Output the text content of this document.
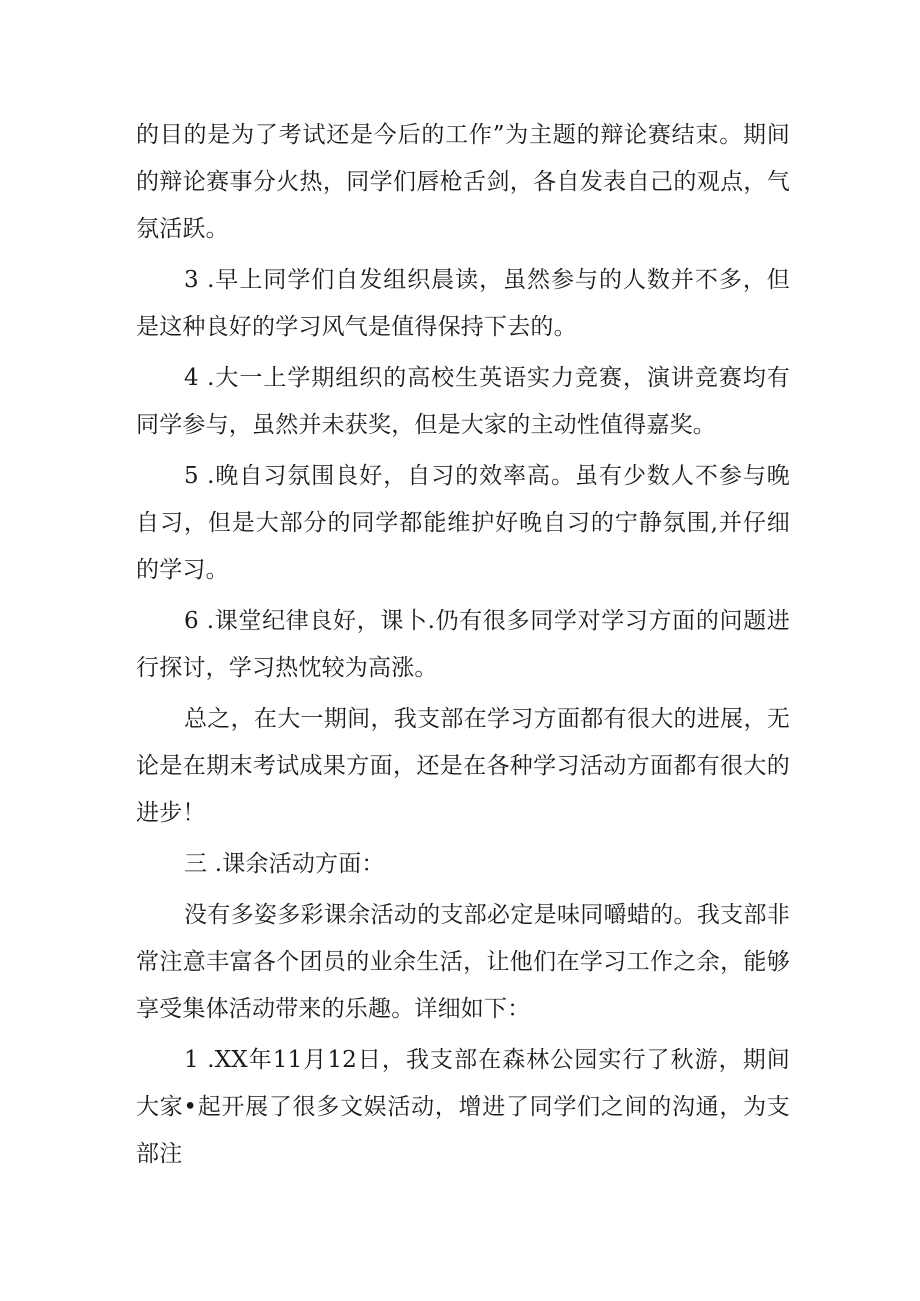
的目的是为了考试还是今后的工作”为主题的辩论赛结束。期间的辩论赛事分火热，同学们唇枪舌剑，各自发表自己的观点，气氛活跃。

3 .早上同学们自发组织晨读，虽然参与的人数并不多，但是这种良好的学习风气是值得保持下去的。

4 .大一上学期组织的高校生英语实力竞赛，演讲竞赛均有同学参与，虽然并未获奖，但是大家的主动性值得嘉奖。

5 .晚自习氛围良好，自习的效率高。虽有少数人不参与晚自习，但是大部分的同学都能维护好晚自习的宁静氛围,并仔细的学习。

6 .课堂纪律良好，课卜.仍有很多同学对学习方面的问题进行探讨，学习热忱较为高涨。

总之，在大一期间，我支部在学习方面都有很大的进展，无论是在期末考试成果方面，还是在各种学习活动方面都有很大的进步！

三 .课余活动方面：

没有多姿多彩课余活动的支部必定是味同嚼蜡的。我支部非常注意丰富各个团员的业余生活，让他们在学习工作之余，能够享受集体活动带来的乐趣。详细如下：

1 .XX年11月12日，我支部在森林公园实行了秋游，期间大家•起开展了很多文娱活动，增进了同学们之间的沟通，为支部注
